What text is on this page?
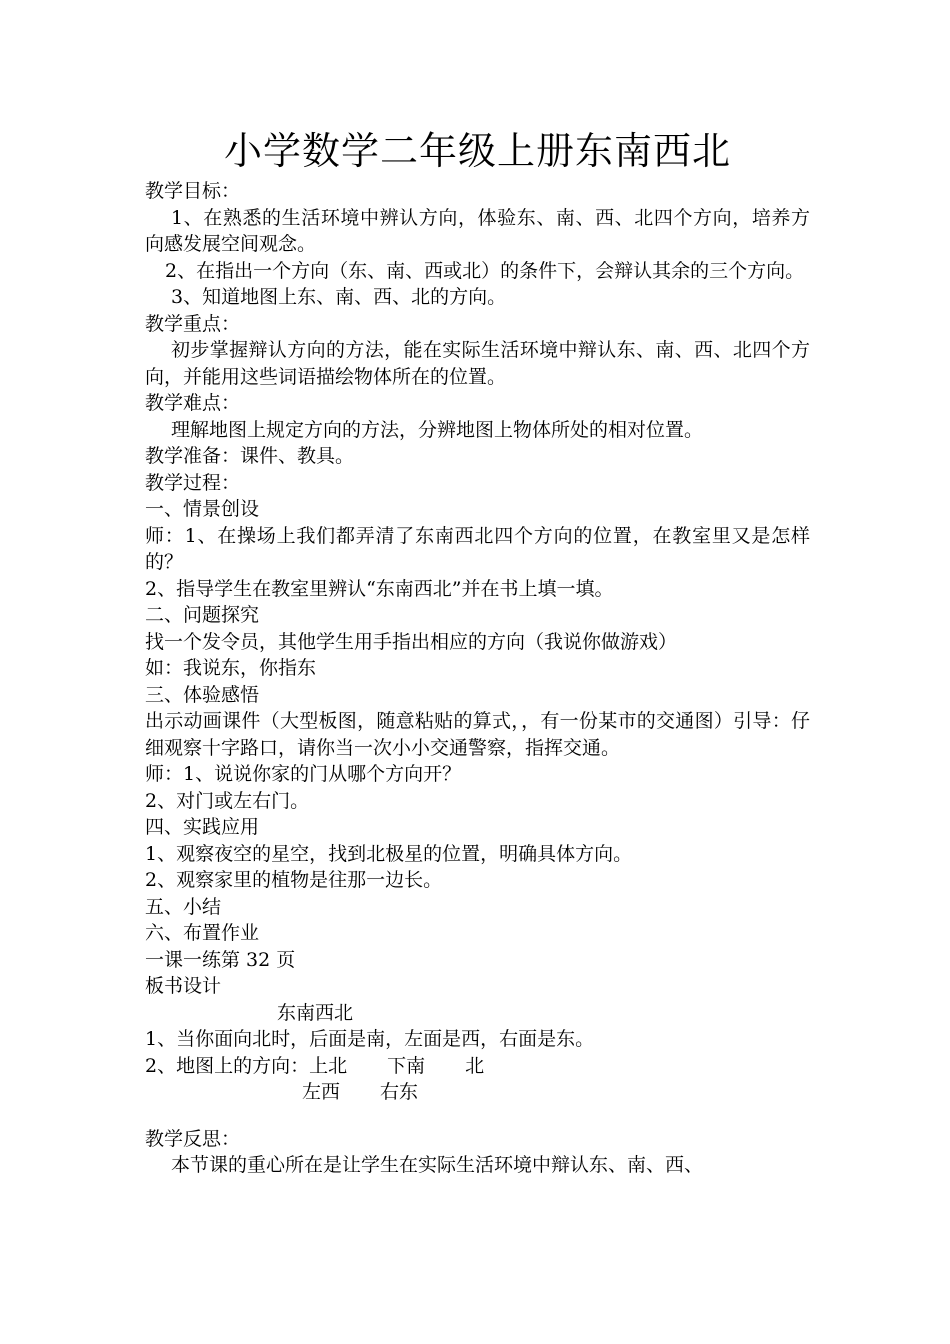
小学数学二年级上册东南西北

教学目标：

1、在熟悉的生活环境中辨认方向，体验东、南、西、北四个方向，培养方向感发展空间观念。

2、在指出一个方向（东、南、西或北）的条件下，会辩认其余的三个方向。

3、知道地图上东、南、西、北的方向。

教学重点：

初步掌握辩认方向的方法，能在实际生活环境中辩认东、南、西、北四个方向，并能用这些词语描绘物体所在的位置。

教学难点：

理解地图上规定方向的方法，分辨地图上物体所处的相对位置。

教学准备：课件、教具。

教学过程：

一、情景创设

师：1、在操场上我们都弄清了东南西北四个方向的位置，在教室里又是怎样的？

2、指导学生在教室里辨认“东南西北”并在书上填一填。

二、问题探究

找一个发令员，其他学生用手指出相应的方向（我说你做游戏）

如：我说东，你指东

三、体验感悟

出示动画课件（大型板图，随意粘贴的算式，，有一份某市的交通图）引导：仔细观察十字路口，请你当一次小小交通警察，指挥交通。

师：1、说说你家的门从哪个方向开？

2、对门或左右门。

四、实践应用

1、观察夜空的星空，找到北极星的位置，明确具体方向。

2、观察家里的植物是往那一边长。

五、小结

六、布置作业

一课一练第 32 页

板书设计

东南西北

1、当你面向北时，后面是南，左面是西，右面是东。

2、地图上的方向：上北 下南 北

左西 右东

教学反思：

本节课的重心所在是让学生在实际生活环境中辩认东、南、西、
